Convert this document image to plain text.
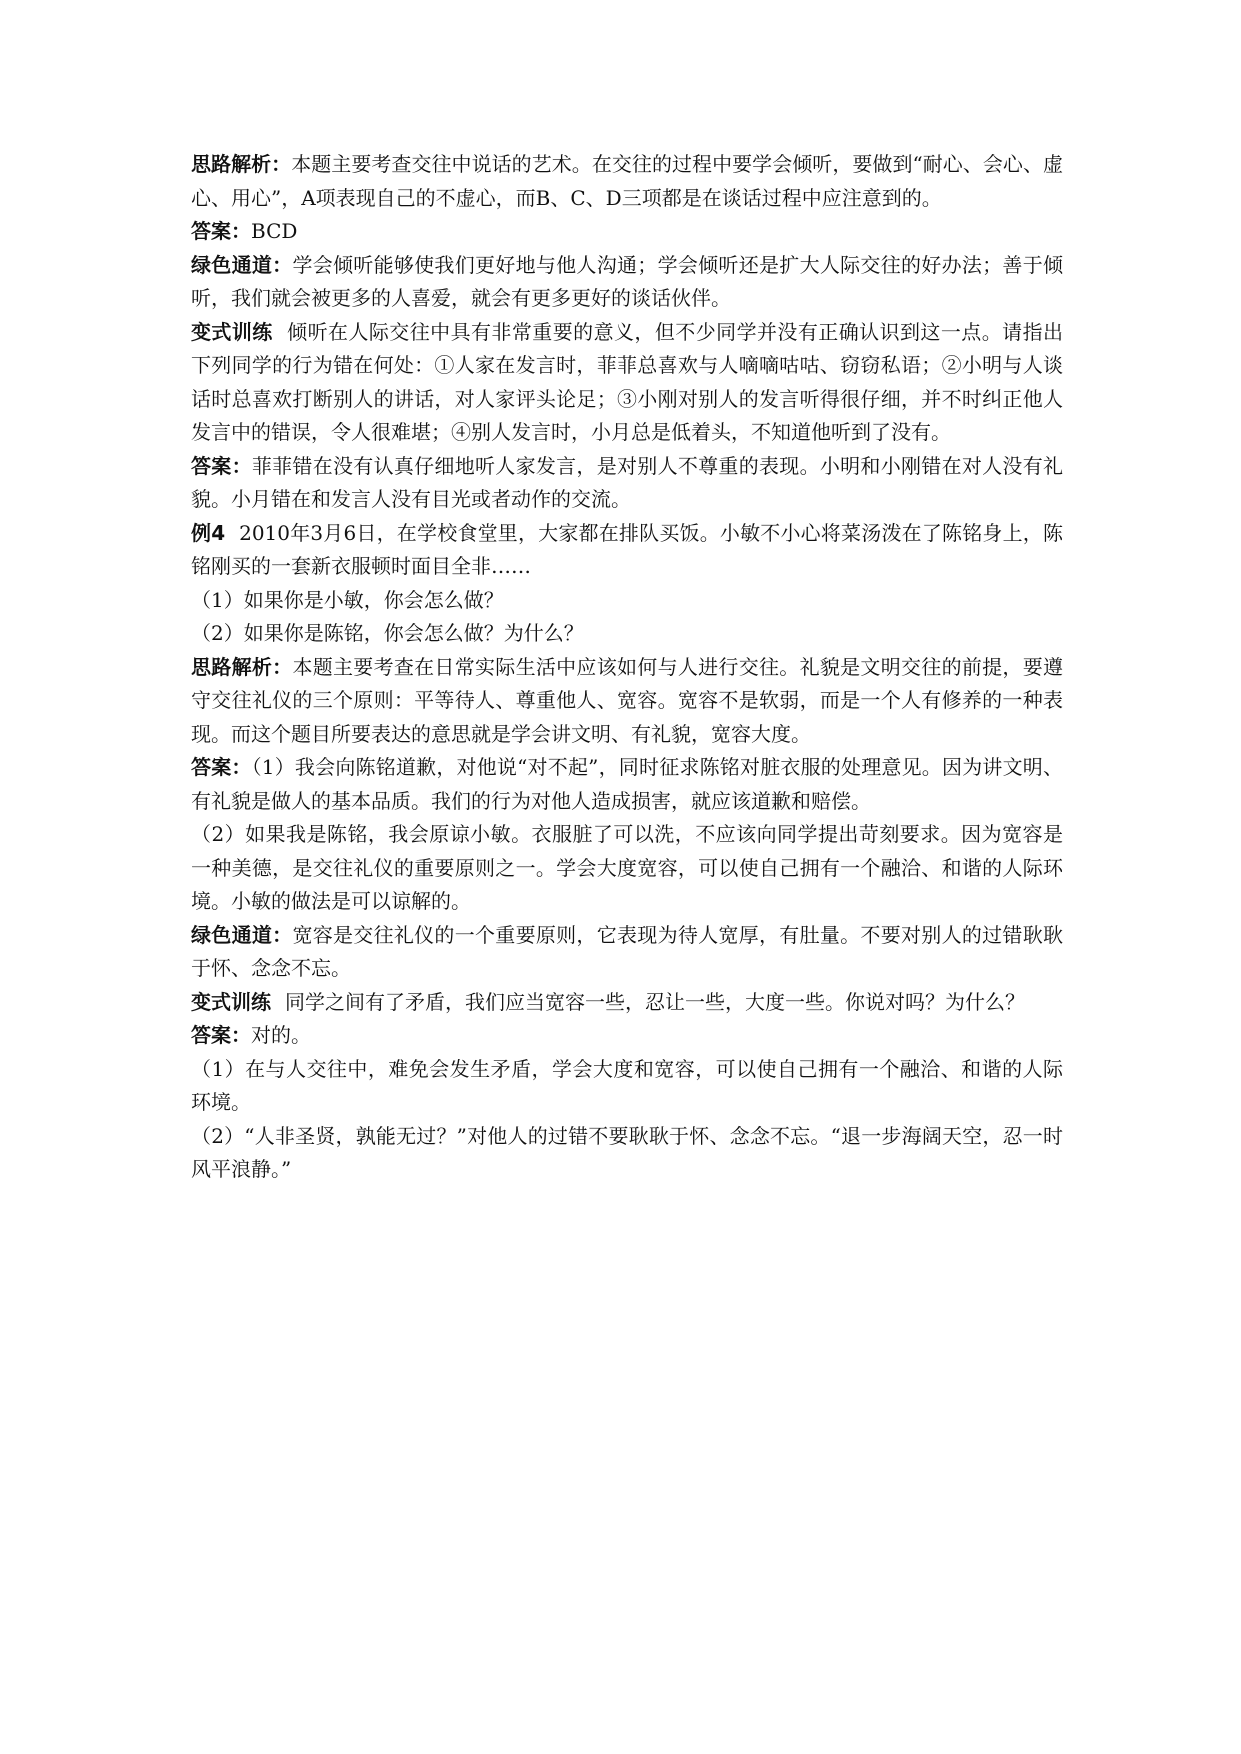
思路解析：本题主要考查交往中说话的艺术。在交往的过程中要学会倾听，要做到“耐心、会心、虚心、用心”，A项表现自己的不虚心，而B、C、D三项都是在谈话过程中应注意到的。

答案：BCD

绿色通道：学会倾听能够使我们更好地与他人沟通；学会倾听还是扩大人际交往的好办法；善于倾听，我们就会被更多的人喜爱，就会有更多更好的谈话伙伴。

变式训练 倾听在人际交往中具有非常重要的意义，但不少同学并没有正确认识到这一点。请指出下列同学的行为错在何处：①人家在发言时，菲菲总喜欢与人嘀嘀咕咕、窃窃私语；②小明与人谈话时总喜欢打断别人的讲话，对人家评头论足；③小刚对别人的发言听得很仔细，并不时纠正他人发言中的错误，令人很难堪；④别人发言时，小月总是低着头，不知道他听到了没有。

答案：菲菲错在没有认真仔细地听人家发言，是对别人不尊重的表现。小明和小刚错在对人没有礼貌。小月错在和发言人没有目光或者动作的交流。

例4 2010年3月6日，在学校食堂里，大家都在排队买饭。小敏不小心将菜汤泼在了陈铭身上，陈铭刚买的一套新衣服顿时面目全非……

（1）如果你是小敏，你会怎么做？

（2）如果你是陈铭，你会怎么做？为什么？

思路解析：本题主要考查在日常实际生活中应该如何与人进行交往。礼貌是文明交往的前提，要遵守交往礼仪的三个原则：平等待人、尊重他人、宽容。宽容不是软弱，而是一个人有修养的一种表现。而这个题目所要表达的意思就是学会讲文明、有礼貌，宽容大度。

答案：（1）我会向陈铭道歉，对他说“对不起”，同时征求陈铭对脏衣服的处理意见。因为讲文明、有礼貌是做人的基本品质。我们的行为对他人造成损害，就应该道歉和赔偿。

（2）如果我是陈铭，我会原谅小敏。衣服脏了可以洗，不应该向同学提出苛刻要求。因为宽容是一种美德，是交往礼仪的重要原则之一。学会大度宽容，可以使自己拥有一个融洽、和谐的人际环境。小敏的做法是可以谅解的。

绿色通道：宽容是交往礼仪的一个重要原则，它表现为待人宽厚，有肚量。不要对别人的过错耿耿于怀、念念不忘。

变式训练 同学之间有了矛盾，我们应当宽容一些，忍让一些，大度一些。你说对吗？为什么？

答案：对的。

（1）在与人交往中，难免会发生矛盾，学会大度和宽容，可以使自己拥有一个融洽、和谐的人际环境。

（2）“人非圣贤，孰能无过？”对他人的过错不要耿耿于怀、念念不忘。“退一步海阔天空，忍一时风平浪静。”
